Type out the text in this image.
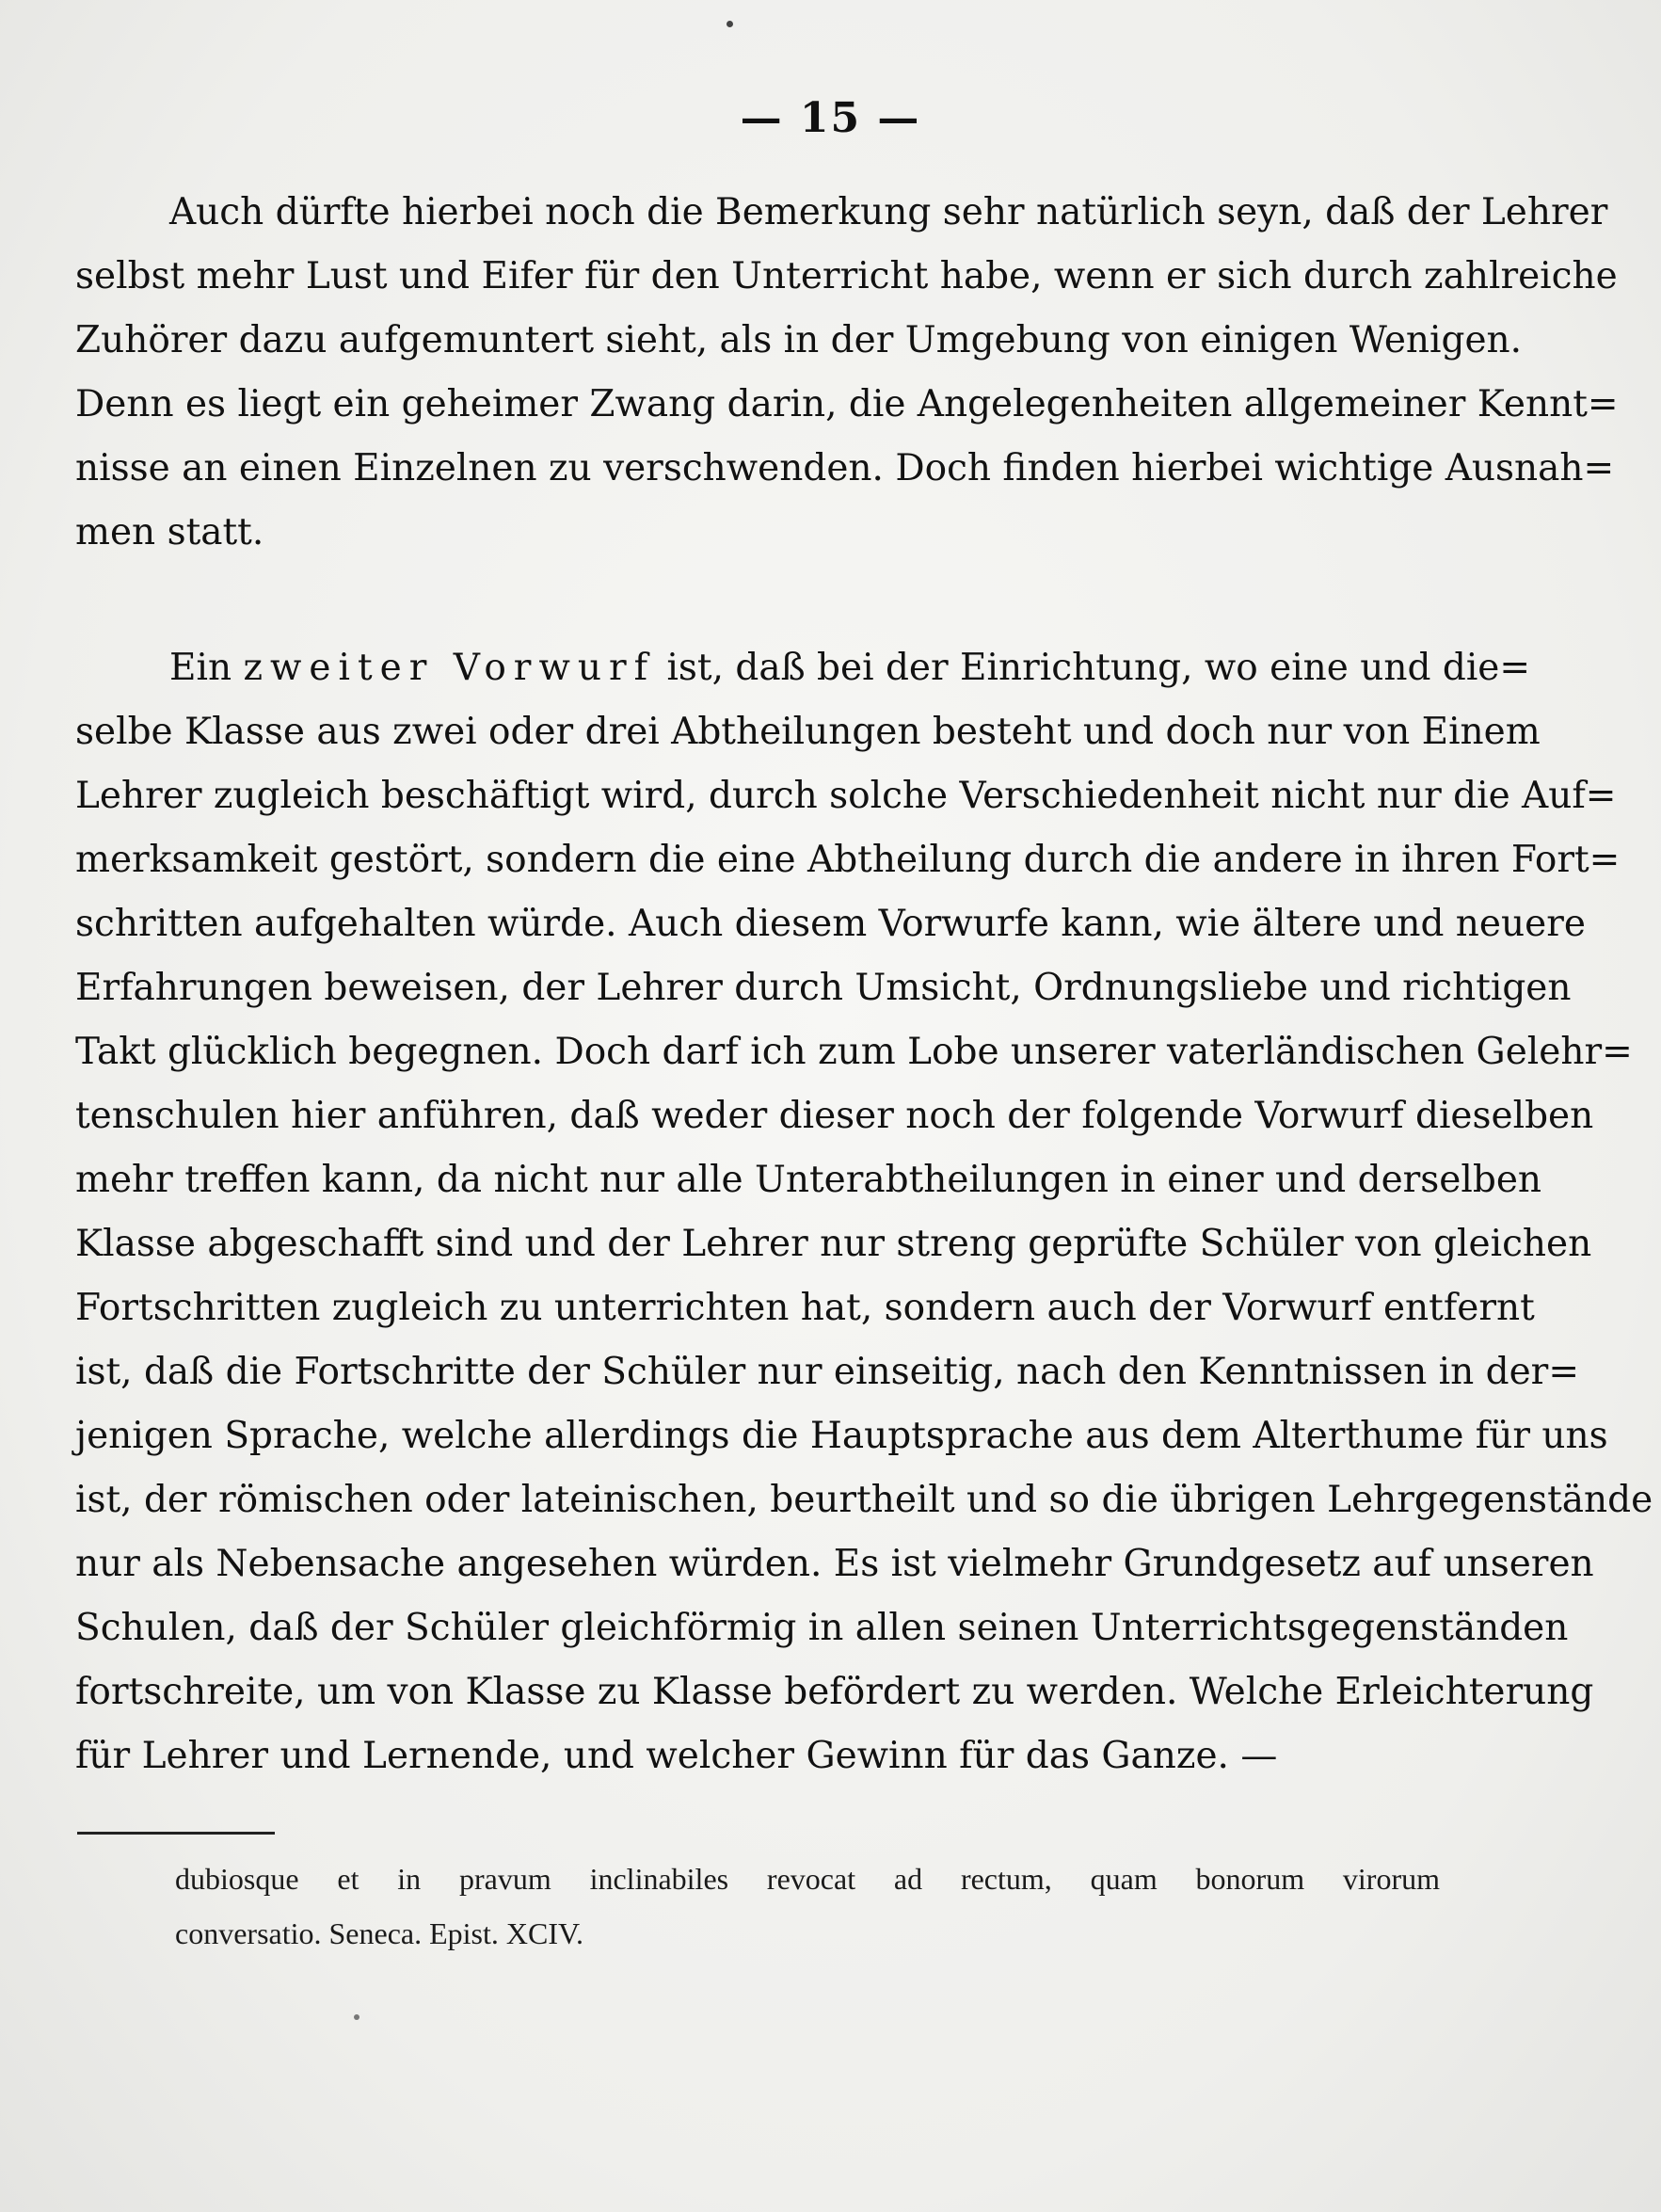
— 15 —
Auch dürfte hierbei noch die Bemerkung sehr natürlich seyn, daß der Lehrer
selbst mehr Lust und Eifer für den Unterricht habe, wenn er sich durch zahlreiche
Zuhörer dazu aufgemuntert sieht, als in der Umgebung von einigen Wenigen.
Denn es liegt ein geheimer Zwang darin, die Angelegenheiten allgemeiner Kennt=
nisse an einen Einzelnen zu verschwenden. Doch finden hierbei wichtige Ausnah=
men statt.
Ein zweiter Vorwurf ist, daß bei der Einrichtung, wo eine und die=
selbe Klasse aus zwei oder drei Abtheilungen besteht und doch nur von Einem
Lehrer zugleich beschäftigt wird, durch solche Verschiedenheit nicht nur die Auf=
merksamkeit gestört, sondern die eine Abtheilung durch die andere in ihren Fort=
schritten aufgehalten würde. Auch diesem Vorwurfe kann, wie ältere und neuere
Erfahrungen beweisen, der Lehrer durch Umsicht, Ordnungsliebe und richtigen
Takt glücklich begegnen. Doch darf ich zum Lobe unserer vaterländischen Gelehr=
tenschulen hier anführen, daß weder dieser noch der folgende Vorwurf dieselben
mehr treffen kann, da nicht nur alle Unterabtheilungen in einer und derselben
Klasse abgeschafft sind und der Lehrer nur streng geprüfte Schüler von gleichen
Fortschritten zugleich zu unterrichten hat, sondern auch der Vorwurf entfernt
ist, daß die Fortschritte der Schüler nur einseitig, nach den Kenntnissen in der=
jenigen Sprache, welche allerdings die Hauptsprache aus dem Alterthume für uns
ist, der römischen oder lateinischen, beurtheilt und so die übrigen Lehrgegenstände
nur als Nebensache angesehen würden. Es ist vielmehr Grundgesetz auf unseren
Schulen, daß der Schüler gleichförmig in allen seinen Unterrichtsgegenständen
fortschreite, um von Klasse zu Klasse befördert zu werden. Welche Erleichterung
für Lehrer und Lernende, und welcher Gewinn für das Ganze. —
dubiosque et in pravum inclinabiles revocat ad rectum, quam bonorum virorum
conversatio. Seneca. Epist. XCIV.
